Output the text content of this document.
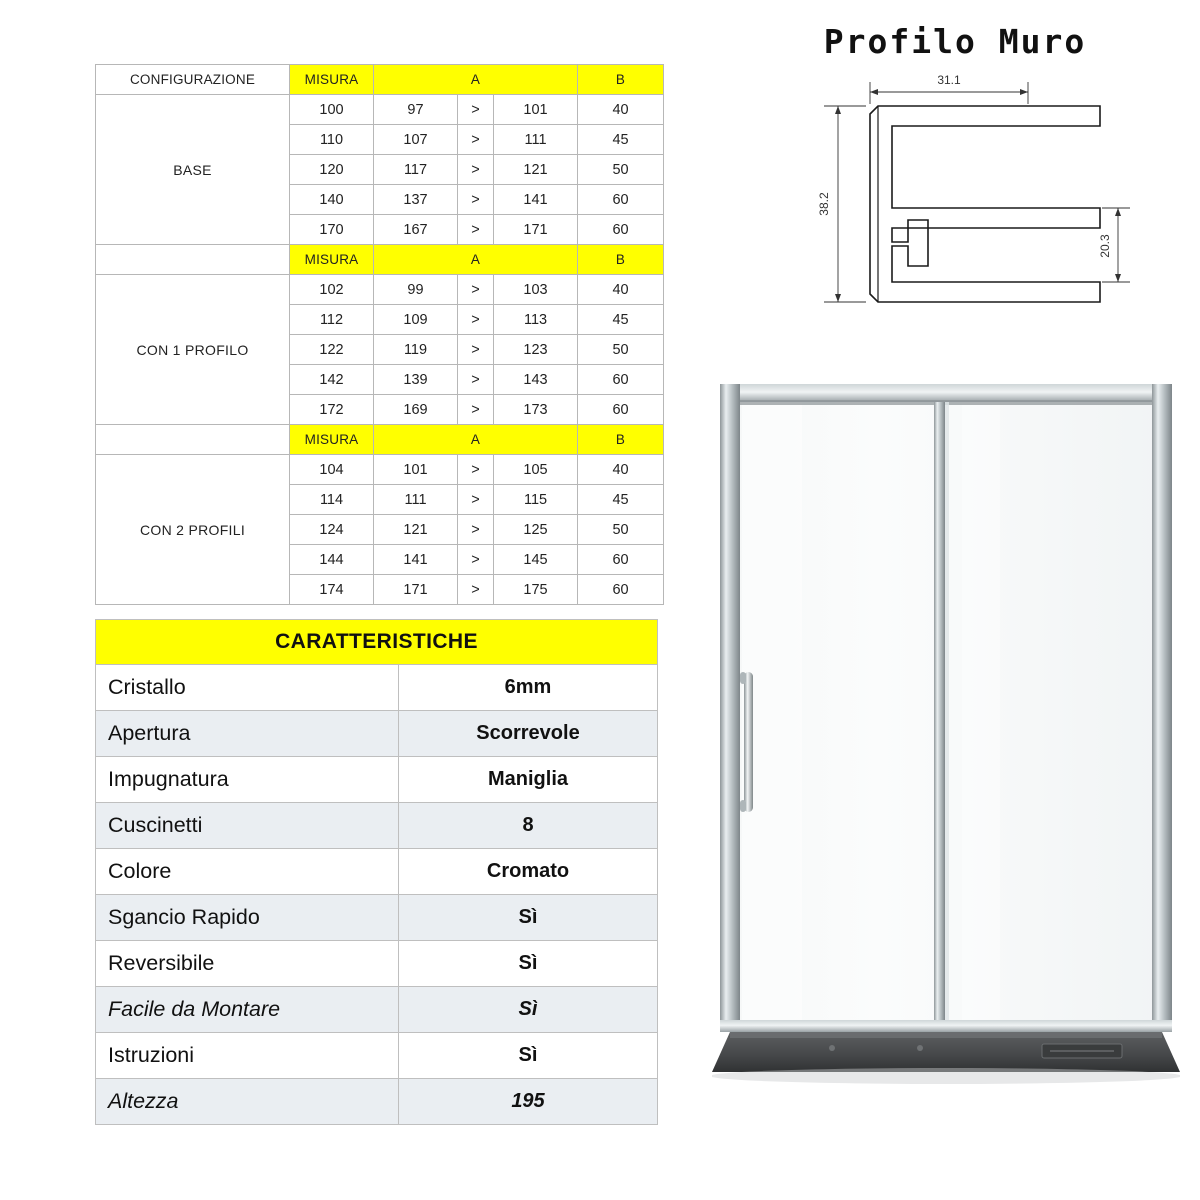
CONFIGURAZIONE	MISURA	A			B
BASE	100	97	>	101	40
	110	107	>	111	45
	120	117	>	121	50
	140	137	>	141	60
	170	167	>	171	60
	MISURA	A			B
CON 1 PROFILO	102	99	>	103	40
	112	109	>	113	45
	122	119	>	123	50
	142	139	>	143	60
	172	169	>	173	60
	MISURA	A			B
CON 2 PROFILI	104	101	>	105	40
	114	111	>	115	45
	124	121	>	125	50
	144	141	>	145	60
	174	171	>	175	60
CARATTERISTICHE	
Cristallo	6mm
Apertura	Scorrevole
Impugnatura	Maniglia
Cuscinetti	8
Colore	Cromato
Sgancio Rapido	Sì
Reversibile	Sì
Facile da Montare	Sì
Istruzioni	Sì
Altezza	195
Profilo Muro
31.1
38.2
20.3
